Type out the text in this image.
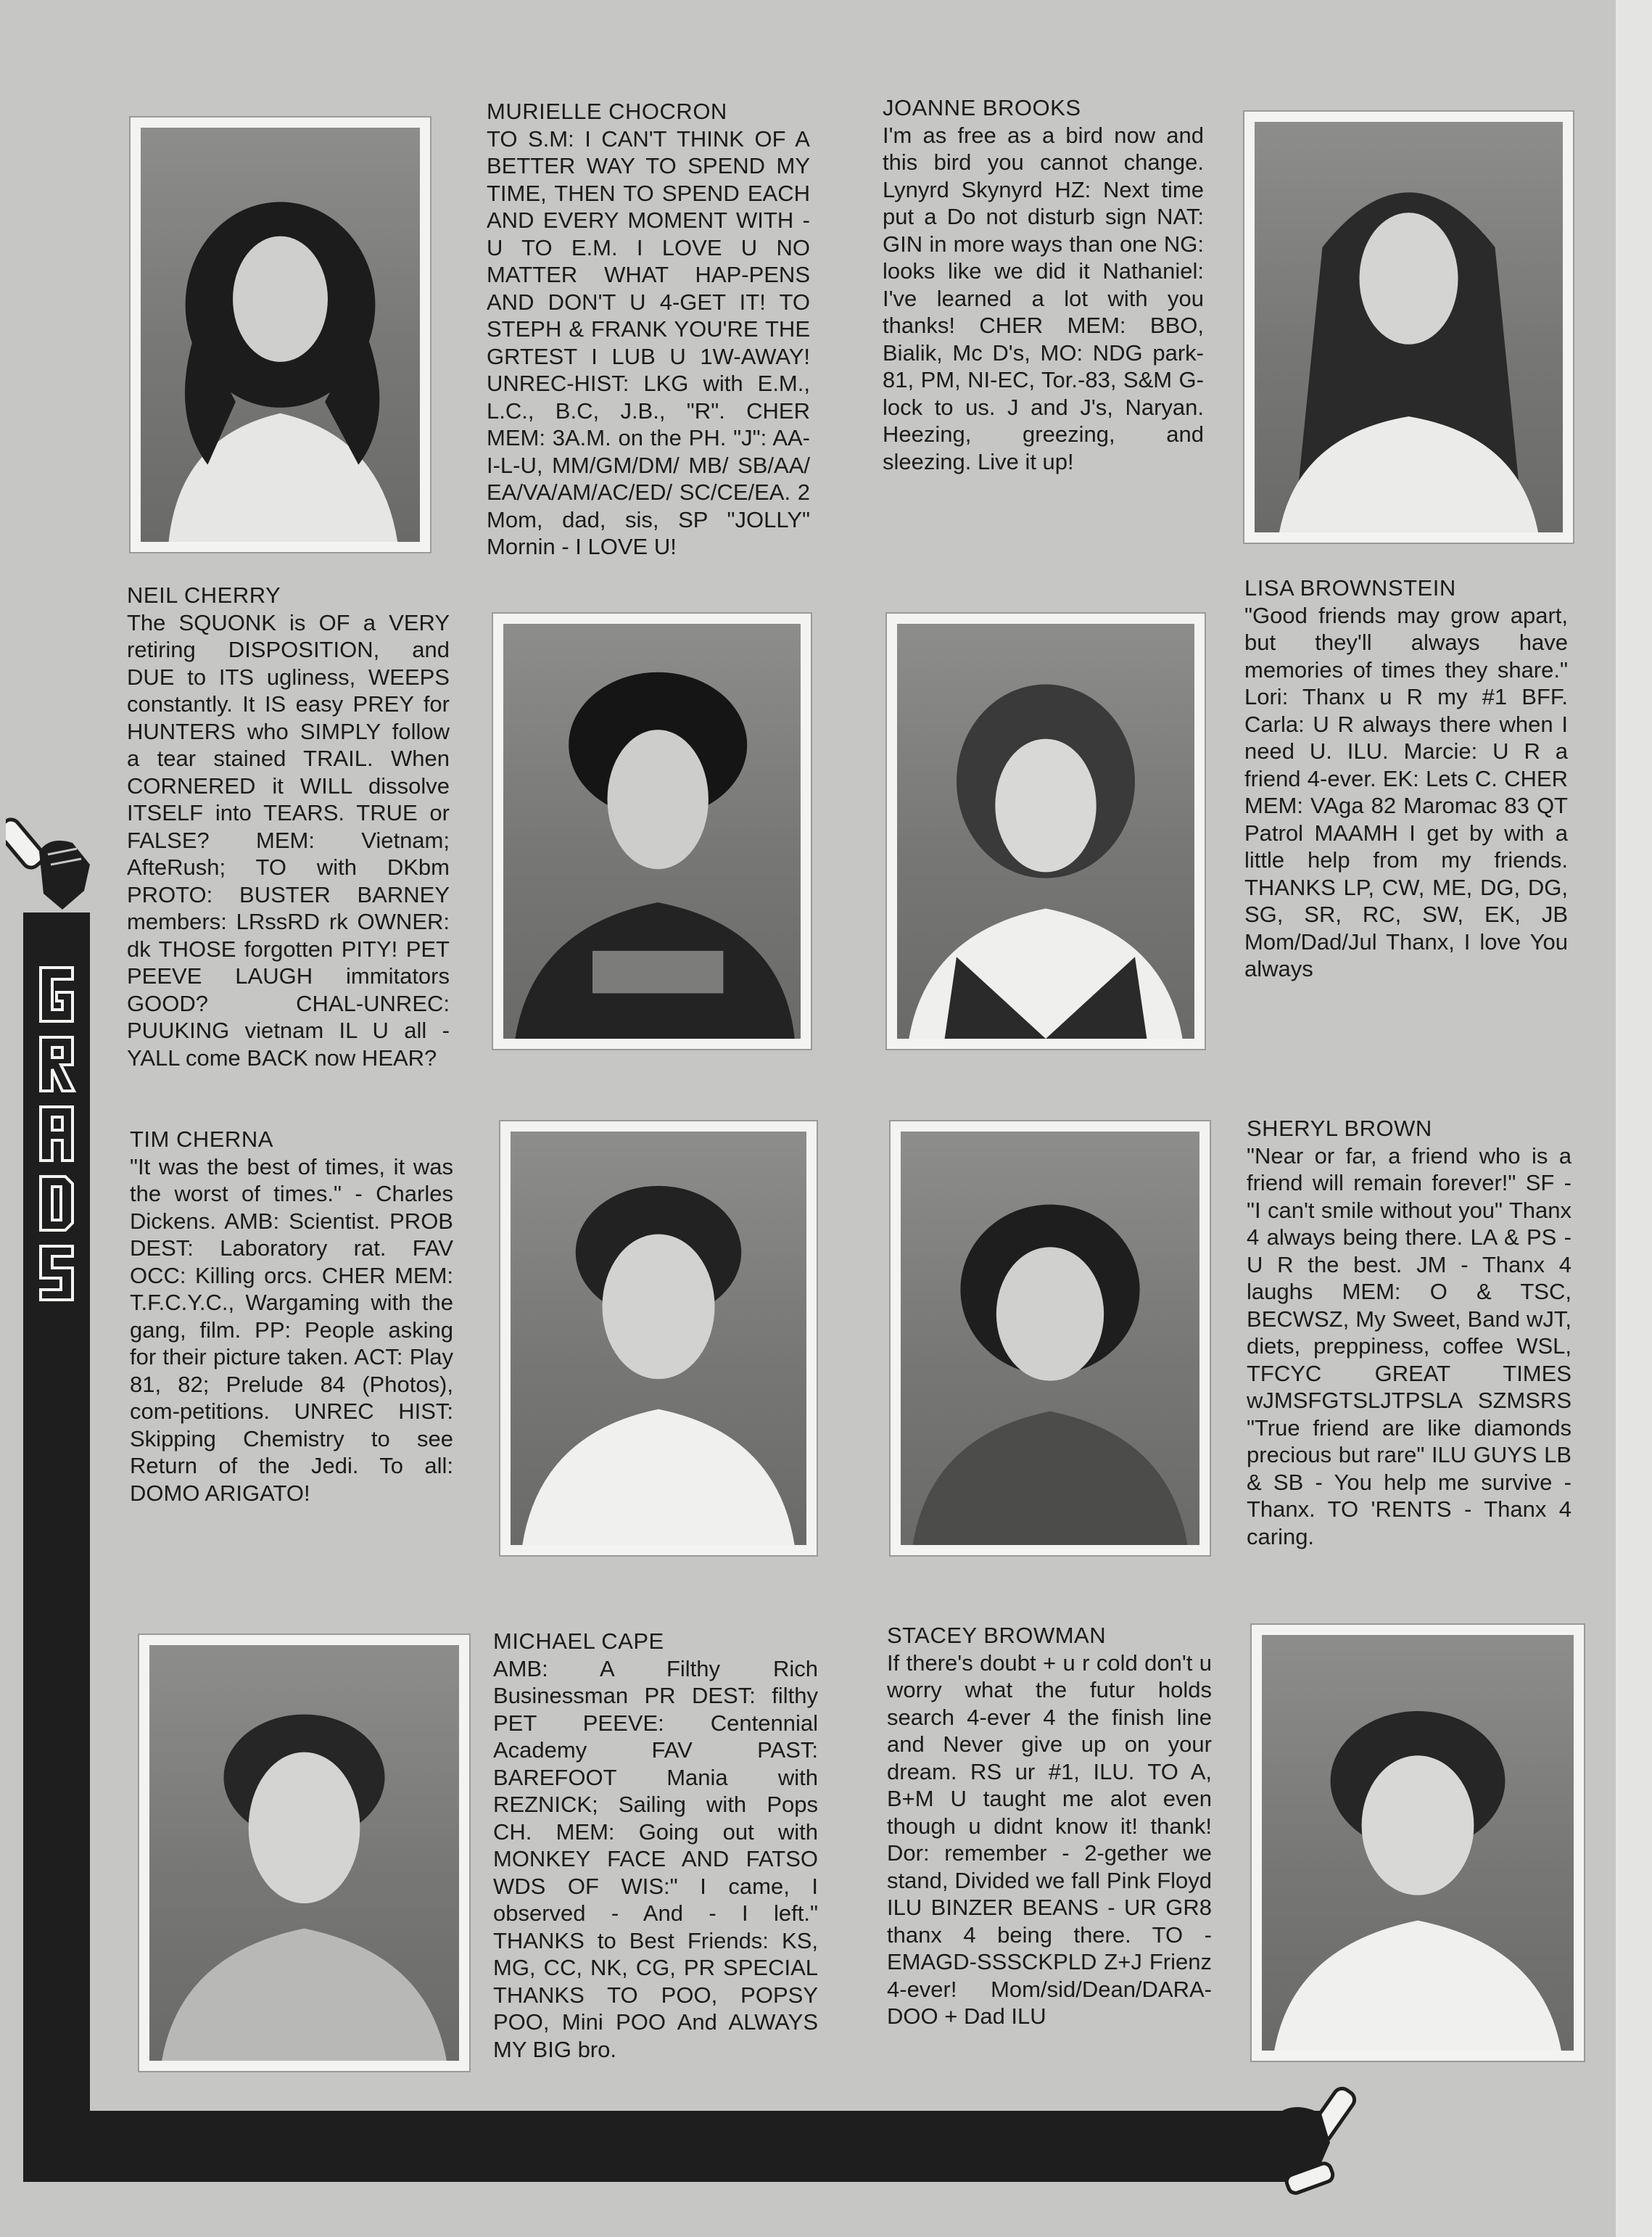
MURIELLE CHOCRON
TO S.M: I CAN'T THINK OF A BETTER WAY TO SPEND MY TIME, THEN TO SPEND EACH AND EVERY MOMENT WITH - U TO E.M. I LOVE U NO MATTER WHAT HAP-PENS AND DON'T U 4-GET IT! TO STEPH & FRANK YOU'RE THE GRTEST I LUB U 1W-AWAY! UNREC-HIST: LKG with E.M., L.C., B.C, J.B., "R". CHER MEM: 3A.M. on the PH. "J": AA-I-L-U, MM/GM/DM/ MB/ SB/AA/ EA/VA/AM/AC/ED/ SC/CE/EA. 2 Mom, dad, sis, SP "JOLLY" Mornin - I LOVE U!
JOANNE BROOKS
I'm as free as a bird now and this bird you cannot change. Lynyrd Skynyrd HZ: Next time put a Do not disturb sign NAT: GIN in more ways than one NG: looks like we did it Nathaniel: I've learned a lot with you thanks! CHER MEM: BBO, Bialik, Mc D's, MO: NDG park-81, PM, NI-EC, Tor.-83, S&M G-lock to us. J and J's, Naryan. Heezing, greezing, and sleezing. Live it up!
NEIL CHERRY
The SQUONK is OF a VERY retiring DISPOSITION, and DUE to ITS ugliness, WEEPS constantly. It IS easy PREY for HUNTERS who SIMPLY follow a tear stained TRAIL. When CORNERED it WILL dissolve ITSELF into TEARS. TRUE or FALSE? MEM: Vietnam; AfteRush; TO with DKbm PROTO: BUSTER BARNEY members: LRssRD rk OWNER: dk THOSE forgotten PITY! PET PEEVE LAUGH immitators GOOD? CHAL-UNREC: PUUKING vietnam IL U all - YALL come BACK now HEAR?
LISA BROWNSTEIN
"Good friends may grow apart, but they'll always have memories of times they share." Lori: Thanx u R my #1 BFF. Carla: U R always there when I need U. ILU. Marcie: U R a friend 4-ever. EK: Lets C. CHER MEM: VAga 82 Maromac 83 QT Patrol MAAMH I get by with a little help from my friends. THANKS LP, CW, ME, DG, DG, SG, SR, RC, SW, EK, JB Mom/Dad/Jul Thanx, I love You always
TIM CHERNA
"It was the best of times, it was the worst of times." - Charles Dickens. AMB: Scientist. PROB DEST: Laboratory rat. FAV OCC: Killing orcs. CHER MEM: T.F.C.Y.C., Wargaming with the gang, film. PP: People asking for their picture taken. ACT: Play 81, 82; Prelude 84 (Photos), com-petitions. UNREC HIST: Skipping Chemistry to see Return of the Jedi. To all: DOMO ARIGATO!
SHERYL BROWN
"Near or far, a friend who is a friend will remain forever!" SF - "I can't smile without you" Thanx 4 always being there. LA & PS - U R the best. JM - Thanx 4 laughs MEM: O & TSC, BECWSZ, My Sweet, Band wJT, diets, preppiness, coffee WSL, TFCYC GREAT TIMES wJMSFGTSLJTPSLA SZMSRS "True friend are like diamonds precious but rare" ILU GUYS LB & SB - You help me survive - Thanx. TO 'RENTS - Thanx 4 caring.
MICHAEL CAPE
AMB: A Filthy Rich Businessman PR DEST: filthy PET PEEVE: Centennial Academy FAV PAST: BAREFOOT Mania with REZNICK; Sailing with Pops CH. MEM: Going out with MONKEY FACE AND FATSO WDS OF WIS:" I came, I observed - And - I left." THANKS to Best Friends: KS, MG, CC, NK, CG, PR SPECIAL THANKS TO POO, POPSY POO, Mini POO And ALWAYS MY BIG bro.
STACEY BROWMAN
If there's doubt + u r cold don't u worry what the futur holds search 4-ever 4 the finish line and Never give up on your dream. RS ur #1, ILU. TO A, B+M U taught me alot even though u didnt know it! thank! Dor: remember - 2-gether we stand, Divided we fall Pink Floyd ILU BINZER BEANS - UR GR8 thanx 4 being there. TO - EMAGD-SSSCKPLD Z+J Frienz 4-ever! Mom/sid/Dean/DARA-DOO + Dad ILU
